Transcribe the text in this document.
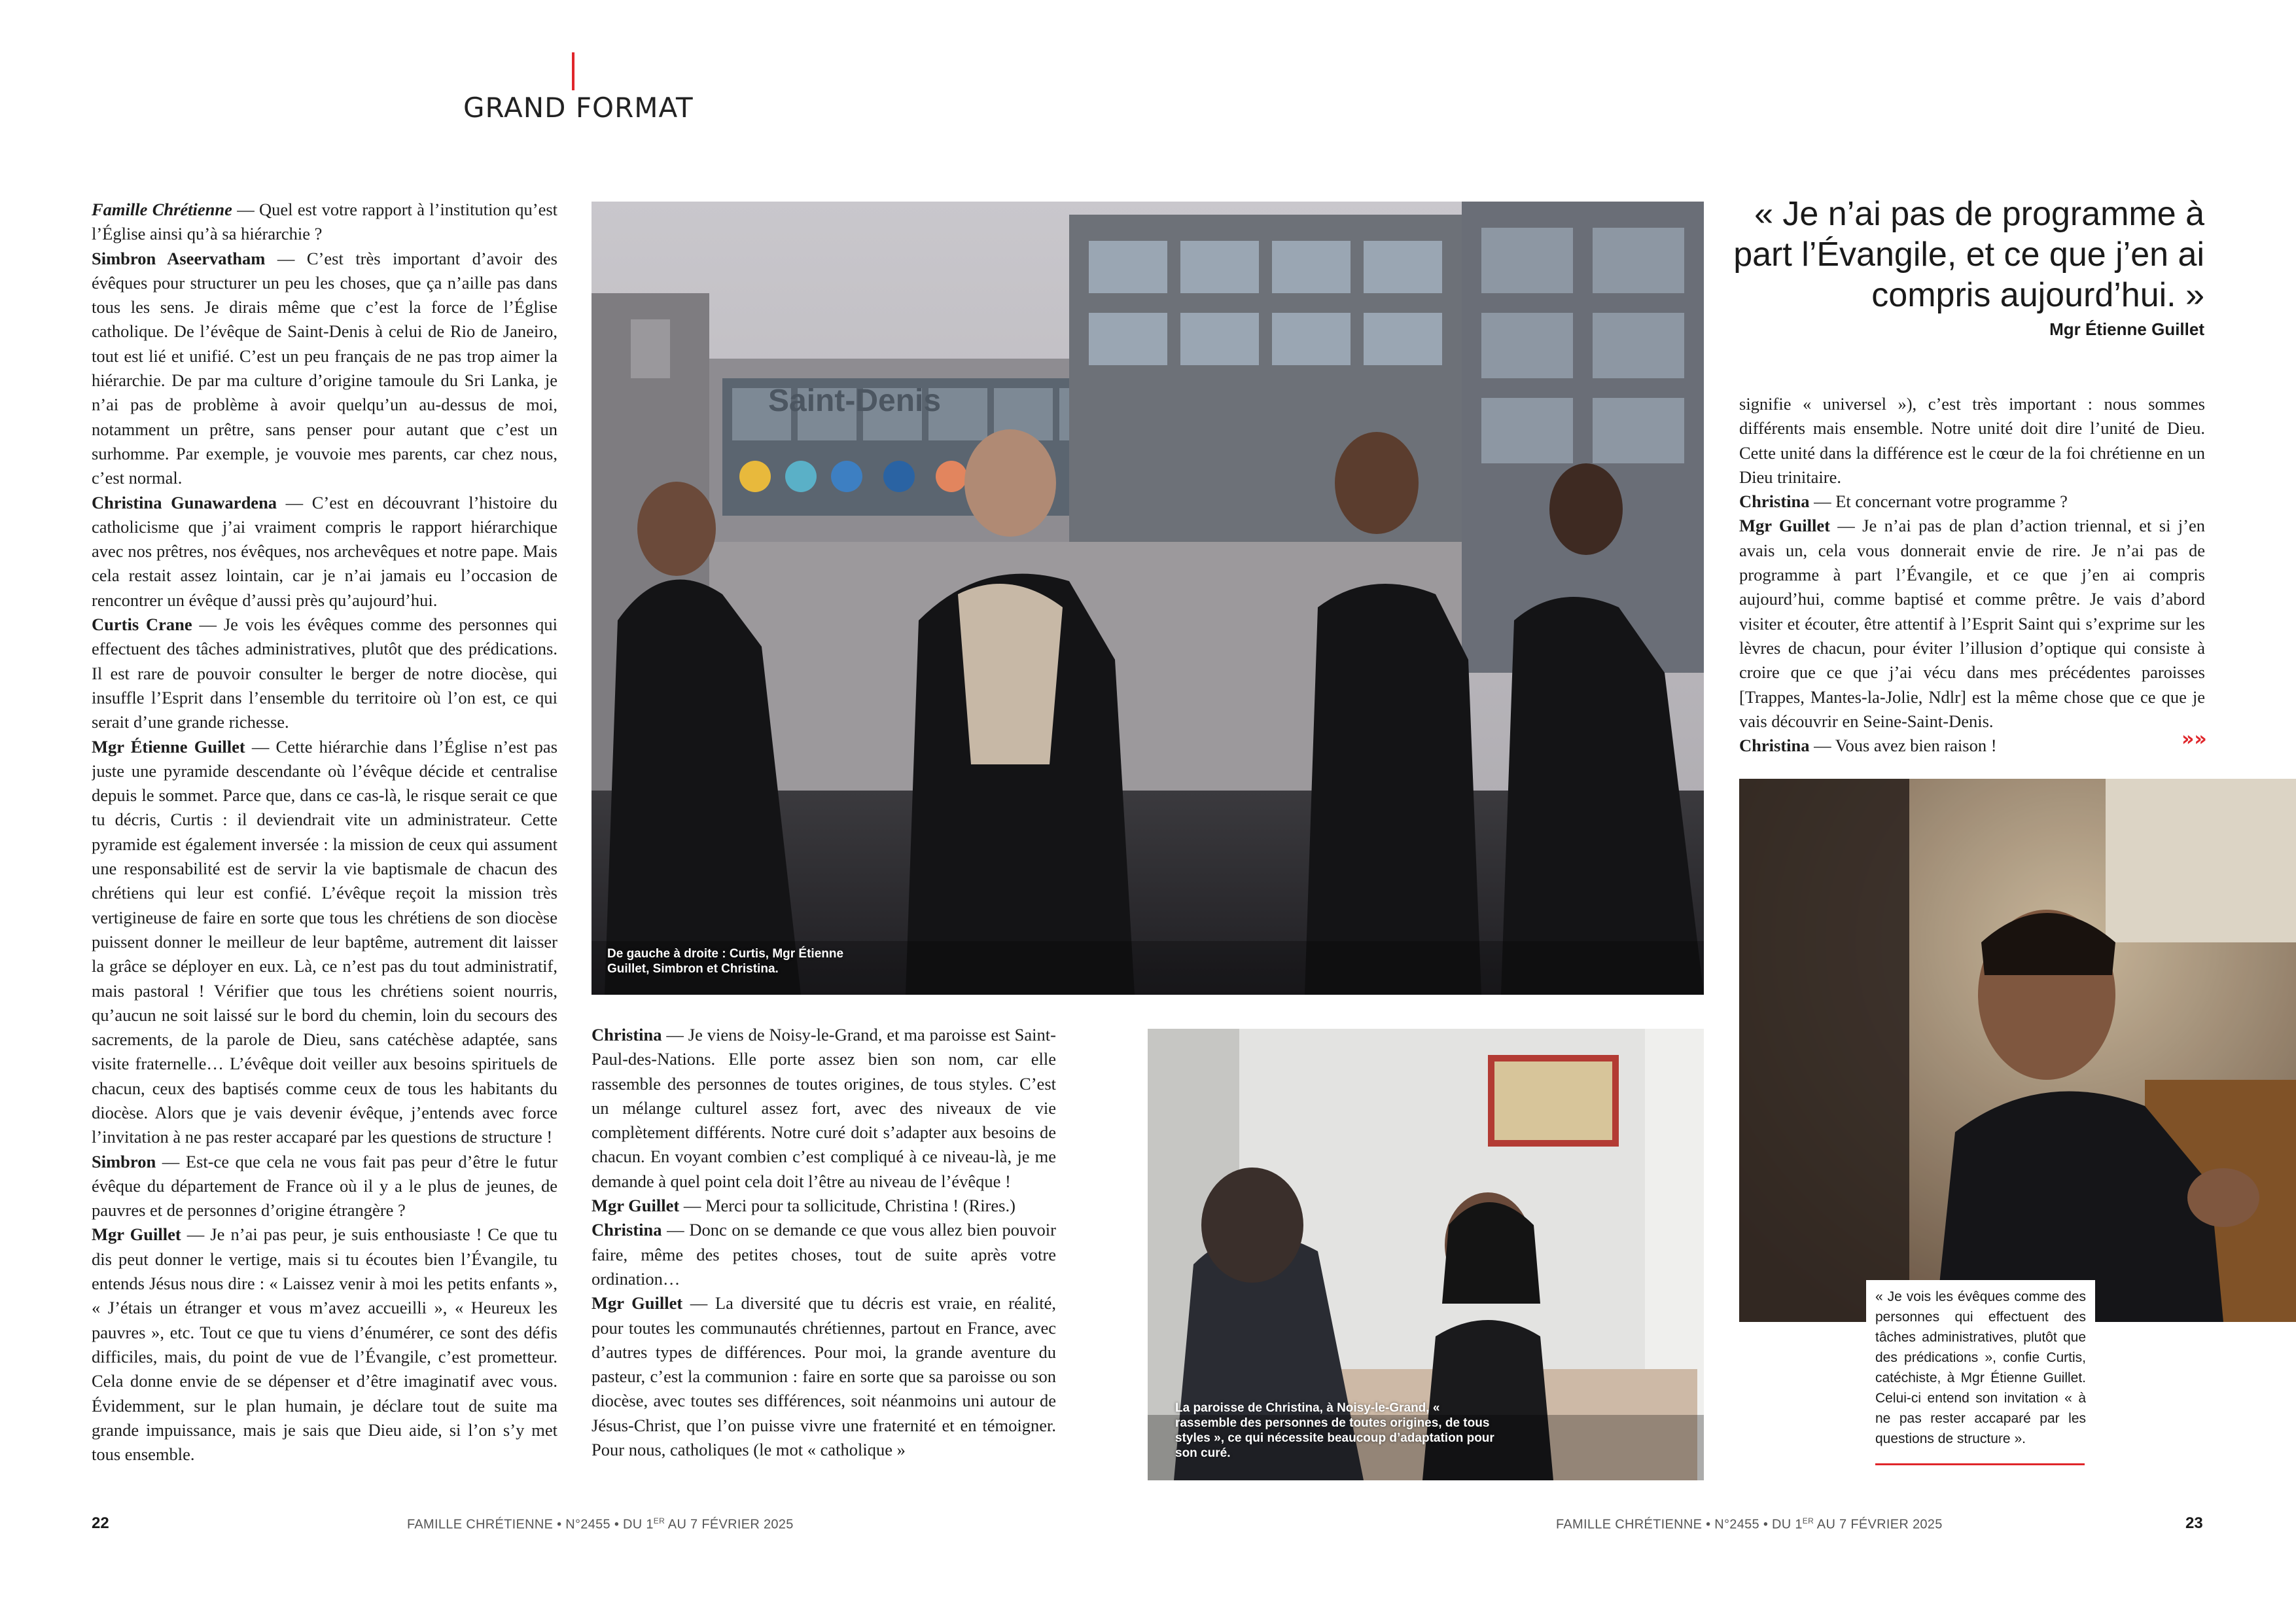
GRAND FORMAT

Famille Chrétienne — Quel est votre rapport à l’institution qu’est l’Église ainsi qu’à sa hiérarchie ?

Simbron Aseervatham — C’est très important d’avoir des évêques pour structurer un peu les choses, que ça n’aille pas dans tous les sens. Je dirais même que c’est la force de l’Église catholique. De l’évêque de Saint-Denis à celui de Rio de Janeiro, tout est lié et unifié. C’est un peu français de ne pas trop aimer la hiérarchie. De par ma culture d’origine tamoule du Sri Lanka, je n’ai pas de problème à avoir quelqu’un au-dessus de moi, notamment un prêtre, sans penser pour autant que c’est un surhomme. Par exemple, je vouvoie mes parents, car chez nous, c’est normal.

Christina Gunawardena — C’est en découvrant l’histoire du catholicisme que j’ai vraiment compris le rapport hiérarchique avec nos prêtres, nos évêques, nos archevêques et notre pape. Mais cela restait assez lointain, car je n’ai jamais eu l’occasion de rencontrer un évêque d’aussi près qu’aujourd’hui.

Curtis Crane — Je vois les évêques comme des personnes qui effectuent des tâches administratives, plutôt que des prédications. Il est rare de pouvoir consulter le berger de notre diocèse, qui insuffle l’Esprit dans l’ensemble du territoire où l’on est, ce qui serait d’une grande richesse.

Mgr Étienne Guillet — Cette hiérarchie dans l’Église n’est pas juste une pyramide descendante où l’évêque décide et centralise depuis le sommet. Parce que, dans ce cas-là, le risque serait ce que tu décris, Curtis : il deviendrait vite un administrateur. Cette pyramide est également inversée : la mission de ceux qui assument une responsabilité est de servir la vie baptismale de chacun des chrétiens qui leur est confié. L’évêque reçoit la mission très vertigineuse de faire en sorte que tous les chrétiens de son diocèse puissent donner le meilleur de leur baptême, autrement dit laisser la grâce se déployer en eux. Là, ce n’est pas du tout administratif, mais pastoral ! Vérifier que tous les chrétiens soient nourris, qu’aucun ne soit laissé sur le bord du chemin, loin du secours des sacrements, de la parole de Dieu, sans catéchèse adaptée, sans visite fraternelle… L’évêque doit veiller aux besoins spirituels de chacun, ceux des baptisés comme ceux de tous les habitants du diocèse. Alors que je vais devenir évêque, j’entends avec force l’invitation à ne pas rester accaparé par les questions de structure !

Simbron — Est-ce que cela ne vous fait pas peur d’être le futur évêque du département de France où il y a le plus de jeunes, de pauvres et de personnes d’origine étrangère ?

Mgr Guillet — Je n’ai pas peur, je suis enthousiaste ! Ce que tu dis peut donner le vertige, mais si tu écoutes bien l’Évangile, tu entends Jésus nous dire : « Laissez venir à moi les petits enfants », « J’étais un étranger et vous m’avez accueilli », « Heureux les pauvres », etc. Tout ce que tu viens d’énumérer, ce sont des défis difficiles, mais, du point de vue de l’Évangile, c’est prometteur. Cela donne envie de se dépenser et d’être imaginatif avec vous. Évidemment, sur le plan humain, je déclare tout de suite ma grande impuissance, mais je sais que Dieu aide, si l’on s’y met tous ensemble.

Saint-Denis
De gauche à droite : Curtis, Mgr Étienne Guillet, Simbron et Christina.

Christina — Je viens de Noisy-le-Grand, et ma paroisse est Saint-Paul-des-Nations. Elle porte assez bien son nom, car elle rassemble des personnes de toutes origines, de tous styles. C’est un mélange culturel assez fort, avec des niveaux de vie complètement différents. Notre curé doit s’adapter aux besoins de chacun. En voyant combien c’est compliqué à ce niveau-là, je me demande à quel point cela doit l’être au niveau de l’évêque !

Mgr Guillet — Merci pour ta sollicitude, Christina ! (Rires.)

Christina — Donc on se demande ce que vous allez bien pouvoir faire, même des petites choses, tout de suite après votre ordination…

Mgr Guillet — La diversité que tu décris est vraie, en réalité, pour toutes les communautés chrétiennes, partout en France, avec d’autres types de différences. Pour moi, la grande aventure du pasteur, c’est la communion : faire en sorte que sa paroisse ou son diocèse, avec toutes ses différences, soit néanmoins uni autour de Jésus-Christ, que l’on puisse vivre une fraternité et en témoigner. Pour nous, catholiques (le mot « catholique »

La paroisse de Christina, à Noisy-le-Grand, « rassemble des personnes de toutes origines, de tous styles », ce qui nécessite beaucoup d’adaptation pour son curé.
« Je n’ai pas de programme à part l’Évangile, et ce que j’en ai compris aujourd’hui. »
Mgr Étienne Guillet

signifie « universel »), c’est très important : nous sommes différents mais ensemble. Notre unité doit dire l’unité de Dieu. Cette unité dans la différence est le cœur de la foi chrétienne en un Dieu trinitaire.

Christina — Et concernant votre programme ?

Mgr Guillet — Je n’ai pas de plan d’action triennal, et si j’en avais un, cela vous donnerait envie de rire. Je n’ai pas de programme à part l’Évangile, et ce que j’en ai compris aujourd’hui, comme baptisé et comme prêtre. Je vais d’abord visiter et écouter, être attentif à l’Esprit Saint qui s’exprime sur les lèvres de chacun, pour éviter l’illusion d’optique qui consiste à croire que ce que j’ai vécu dans mes précédentes paroisses [Trappes, Mantes-la-Jolie, Ndlr] est la même chose que ce que je vais découvrir en Seine-Saint-Denis.

Christina — Vous avez bien raison !	»»
« Je vois les évêques comme des personnes qui effectuent des tâches administratives, plutôt que des prédications », confie Curtis, catéchiste, à Mgr Étienne Guillet. Celui-ci entend son invitation « à ne pas rester accaparé par les questions de structure ».
22	FAMILLE CHRÉTIENNE • N°2455 • DU 1ER AU 7 FÉVRIER 2025	FAMILLE CHRÉTIENNE • N°2455 • DU 1ER AU 7 FÉVRIER 2025	23
